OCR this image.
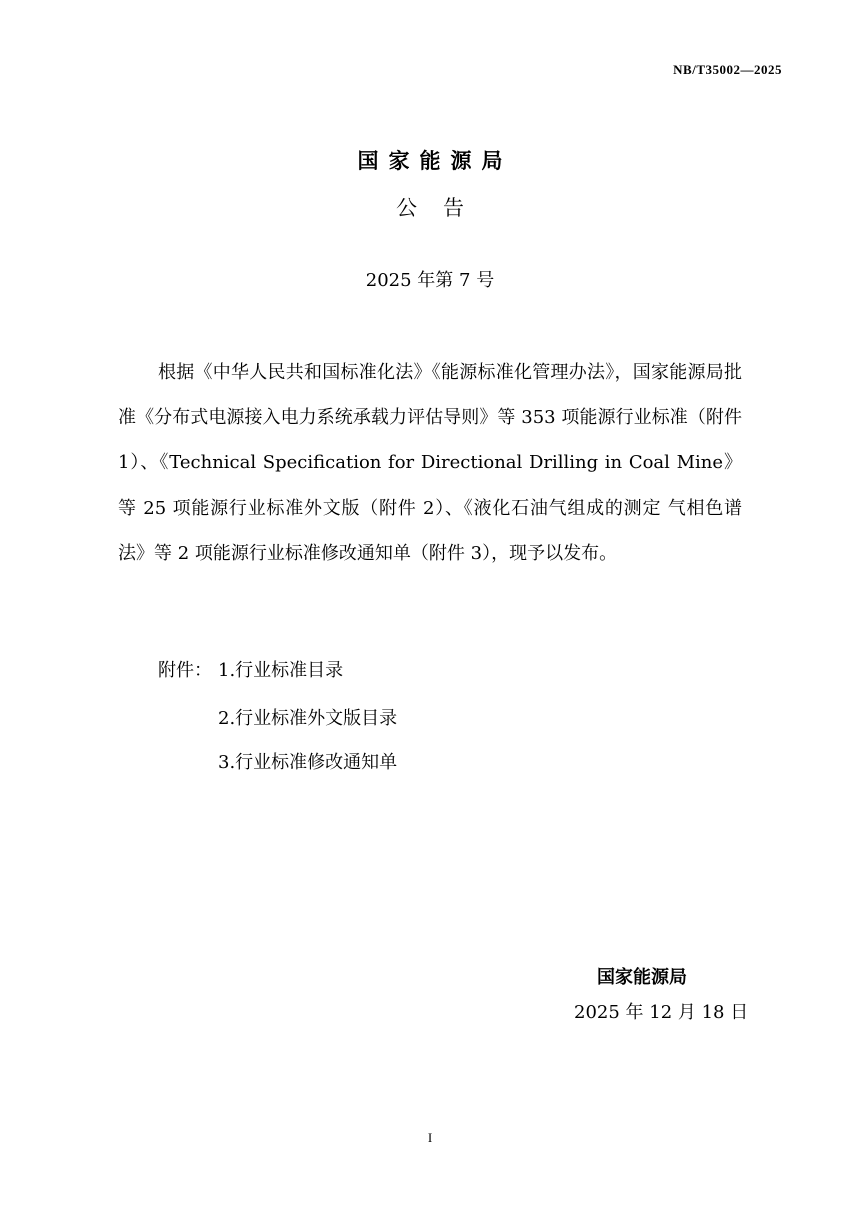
NB/T35002—2025
国家能源局
公告
2025 年第 7 号

根据《中华人民共和国标准化法》《能源标准化管理办法》，国家能源局批准《分布式电源接入电力系统承载力评估导则》等 353 项能源行业标准（附件 1）、《Technical Specification for Directional Drilling in Coal Mine》等 25 项能源行业标准外文版（附件 2）、《液化石油气组成的测定 气相色谱法》等 2 项能源行业标准修改通知单（附件 3），现予以发布。

附件： 1.行业标准目录
2.行业标准外文版目录
3.行业标准修改通知单
国家能源局
2025 年 12 月 18 日
I
